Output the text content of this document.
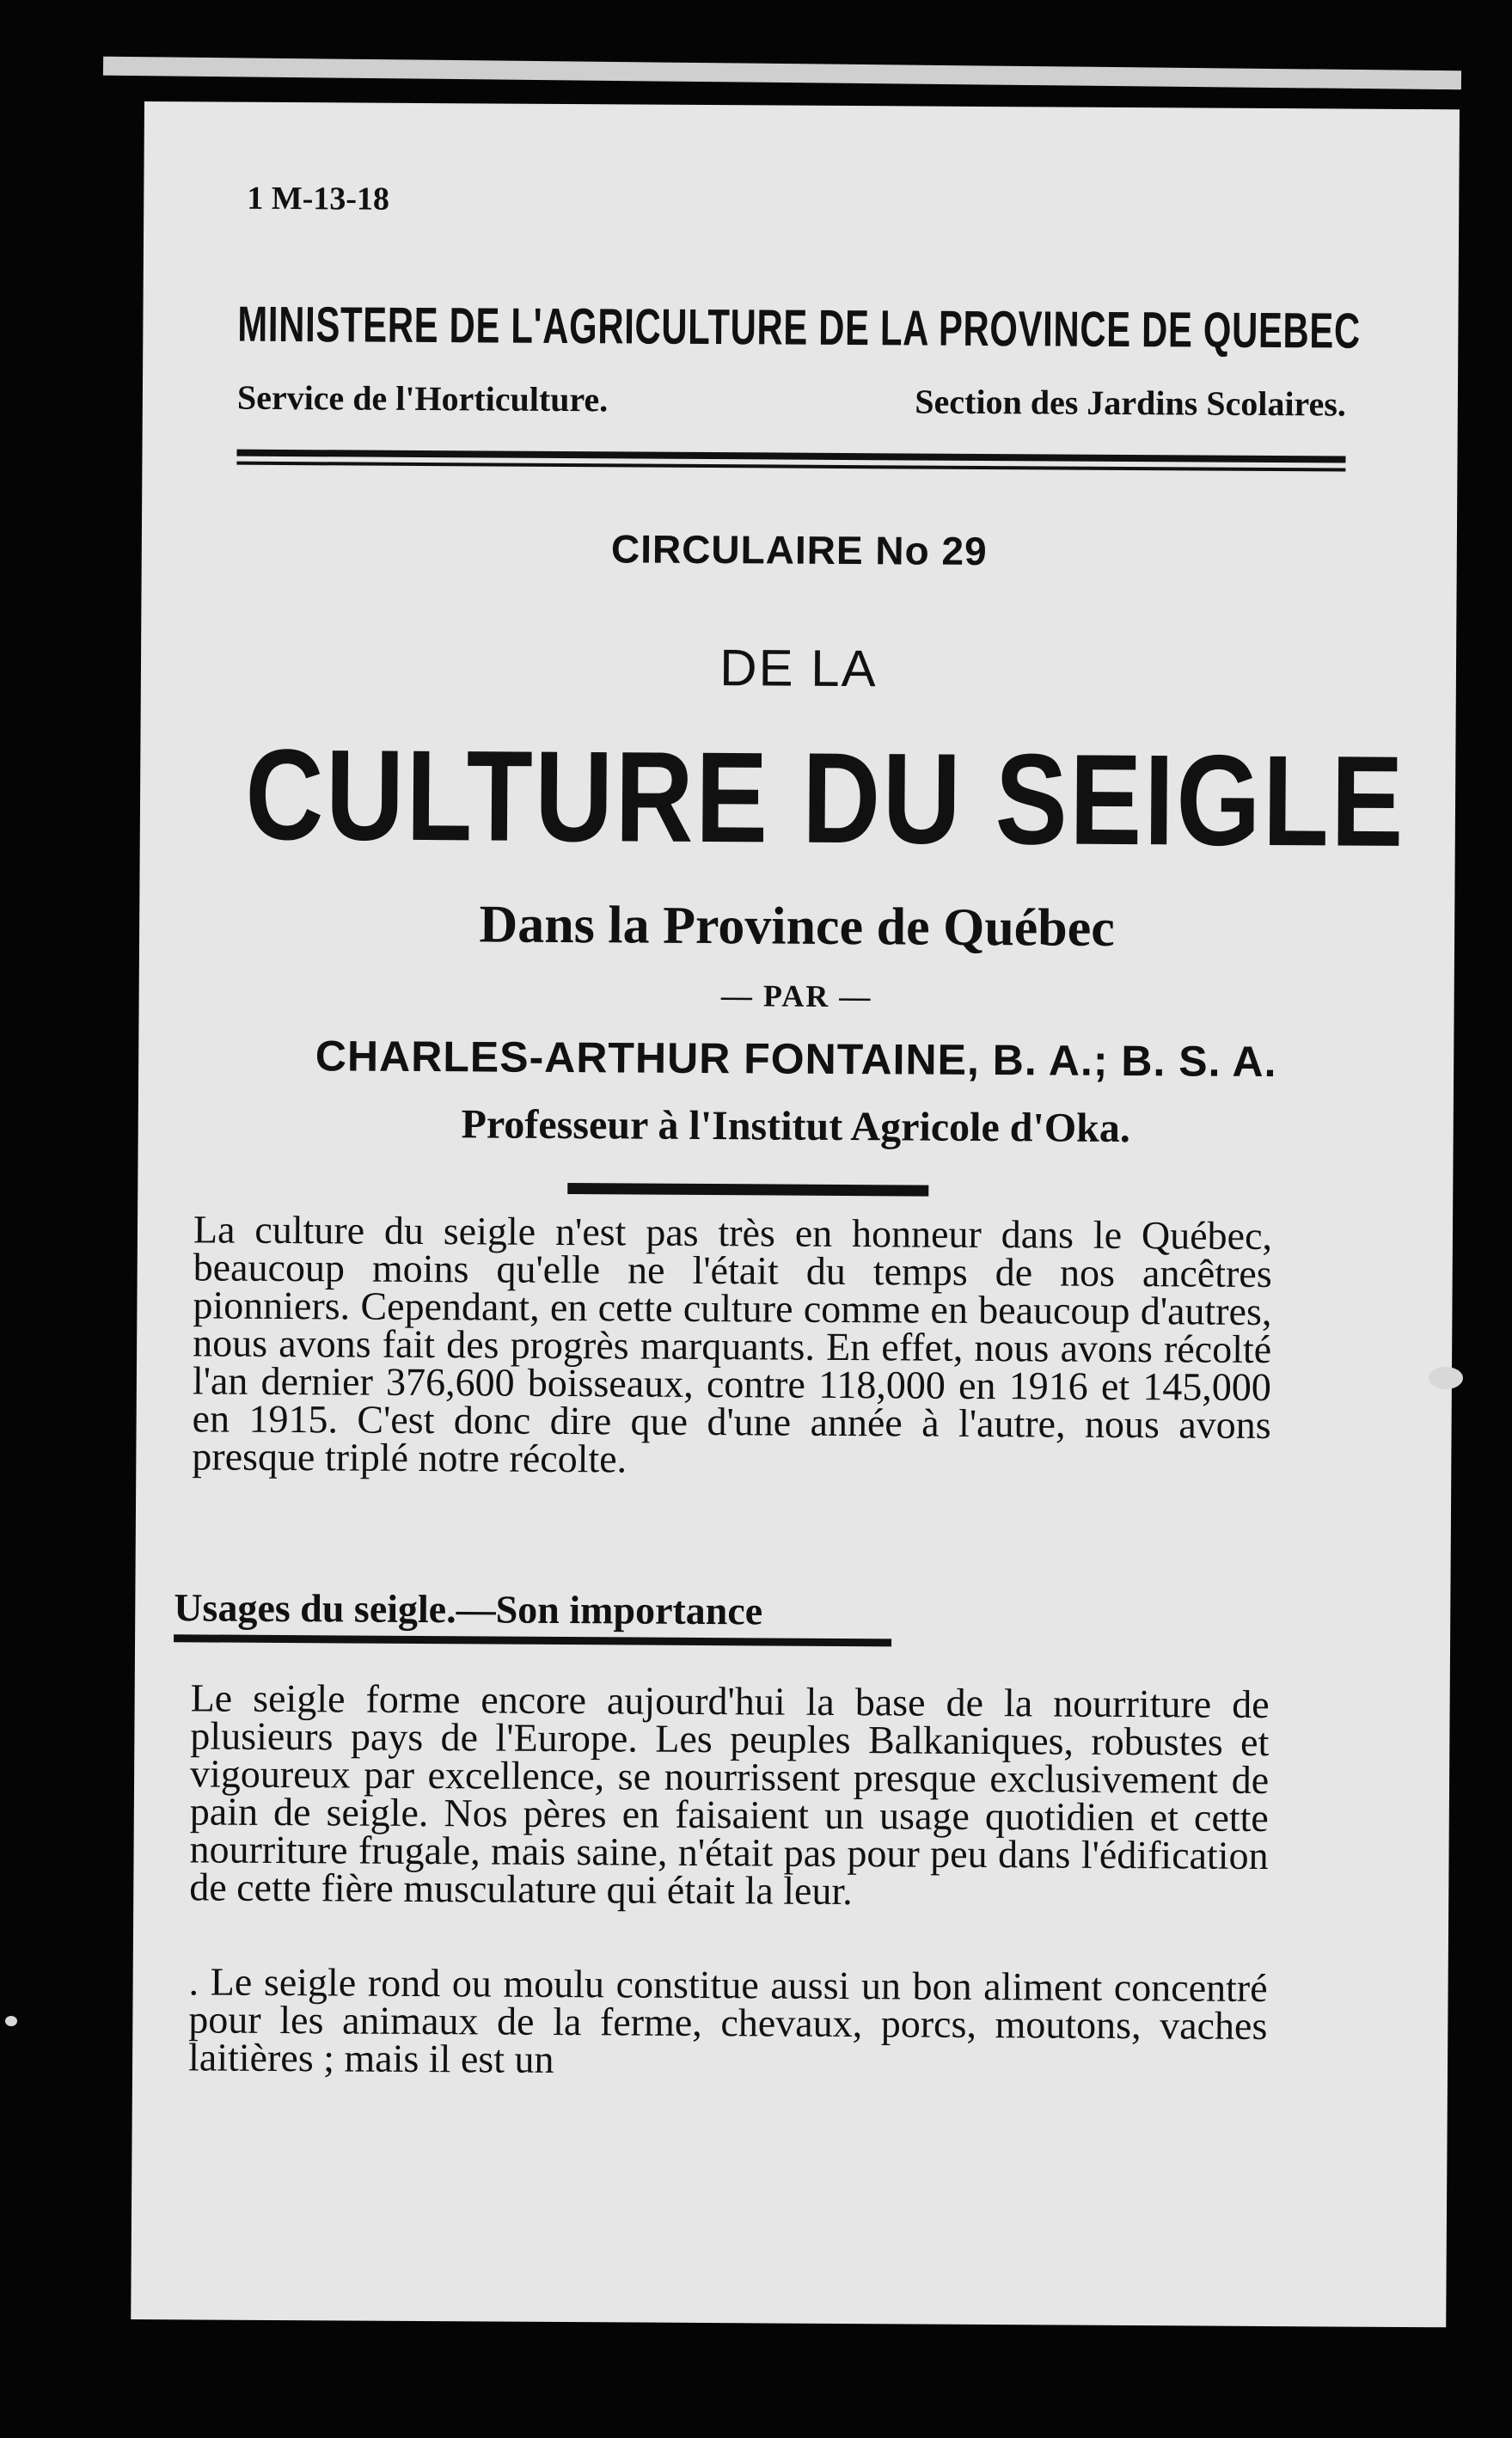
1 M-13-18
MINISTERE DE L'AGRICULTURE DE LA PROVINCE DE QUEBEC
Service de l'Horticulture.	Section des Jardins Scolaires.
CIRCULAIRE No 29
DE LA
CULTURE DU SEIGLE
Dans la Province de Québec
— PAR —
CHARLES-ARTHUR FONTAINE, B. A.; B. S. A.
Professeur à l'Institut Agricole d'Oka.

La culture du seigle n'est pas très en honneur dans le Québec, beaucoup moins qu'elle ne l'était du temps de nos ancêtres pionniers. Cependant, en cette culture comme en beaucoup d'autres, nous avons fait des progrès marquants. En effet, nous avons récolté l'an dernier 376,600 boisseaux, contre 118,000 en 1916 et 145,000 en 1915. C'est donc dire que d'une année à l'autre, nous avons presque triplé notre récolte.

Usages du seigle.—Son importance

Le seigle forme encore aujourd'hui la base de la nourriture de plusieurs pays de l'Europe. Les peuples Balkaniques, robustes et vigoureux par excellence, se nourrissent presque exclusivement de pain de seigle. Nos pères en faisaient un usage quotidien et cette nourriture frugale, mais saine, n'était pas pour peu dans l'édification de cette fière musculature qui était la leur.

. Le seigle rond ou moulu constitue aussi un bon aliment concentré pour les animaux de la ferme, chevaux, porcs, moutons, vaches laitières ; mais il est un
